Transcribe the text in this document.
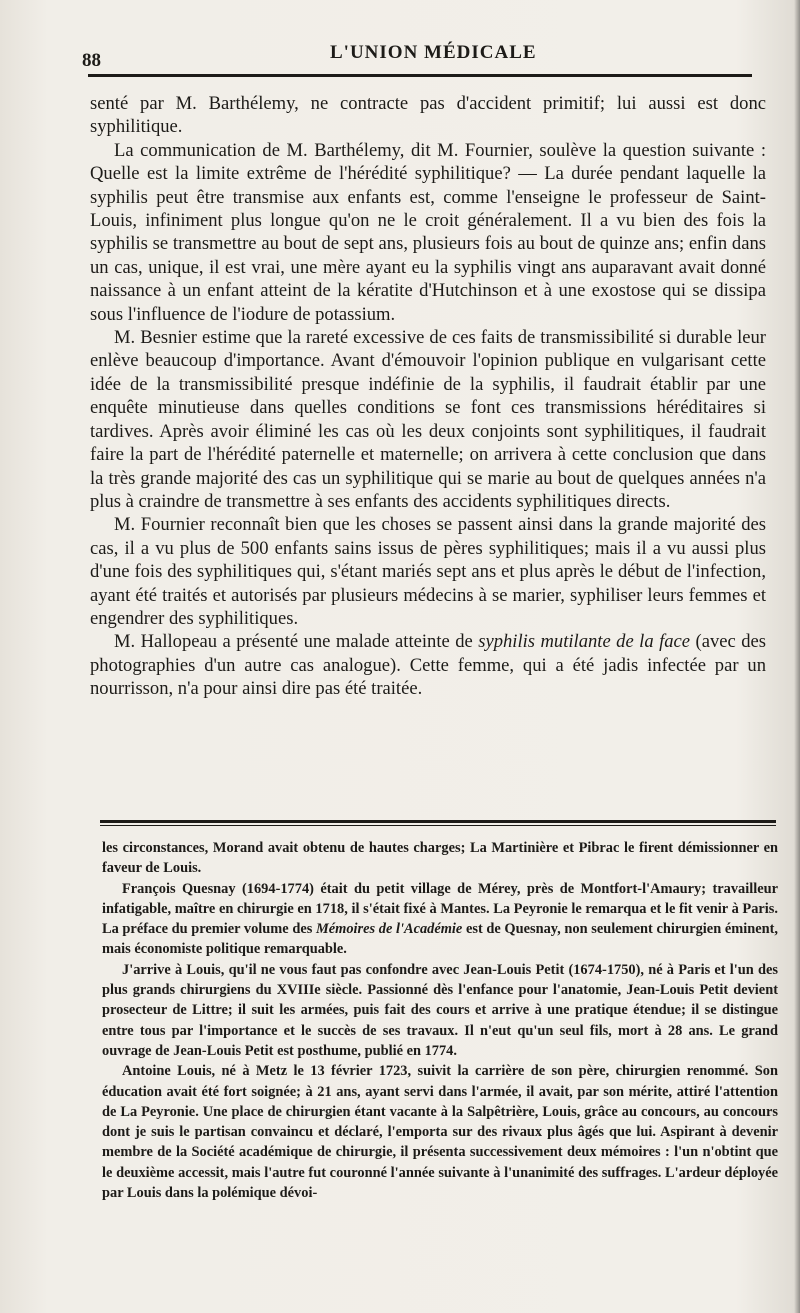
88	L'UNION MÉDICALE

senté par M. Barthélemy, ne contracte pas d'accident primitif; lui aussi est donc syphilitique.

La communication de M. Barthélemy, dit M. Fournier, soulève la question suivante : Quelle est la limite extrême de l'hérédité syphilitique? — La durée pendant laquelle la syphilis peut être transmise aux enfants est, comme l'enseigne le professeur de Saint-Louis, infiniment plus longue qu'on ne le croit généralement. Il a vu bien des fois la syphilis se transmettre au bout de sept ans, plusieurs fois au bout de quinze ans; enfin dans un cas, unique, il est vrai, une mère ayant eu la syphilis vingt ans auparavant avait donné naissance à un enfant atteint de la kératite d'Hutchinson et à une exostose qui se dissipa sous l'influence de l'iodure de potassium.

M. Besnier estime que la rareté excessive de ces faits de transmissibilité si durable leur enlève beaucoup d'importance. Avant d'émouvoir l'opinion publique en vulgarisant cette idée de la transmissibilité presque indéfinie de la syphilis, il faudrait établir par une enquête minutieuse dans quelles conditions se font ces transmissions héréditaires si tardives. Après avoir éliminé les cas où les deux conjoints sont syphilitiques, il faudrait faire la part de l'hérédité paternelle et maternelle; on arrivera à cette conclusion que dans la très grande majorité des cas un syphilitique qui se marie au bout de quelques années n'a plus à craindre de transmettre à ses enfants des accidents syphilitiques directs.

M. Fournier reconnaît bien que les choses se passent ainsi dans la grande majorité des cas, il a vu plus de 500 enfants sains issus de pères syphilitiques; mais il a vu aussi plus d'une fois des syphilitiques qui, s'étant mariés sept ans et plus après le début de l'infection, ayant été traités et autorisés par plusieurs médecins à se marier, syphiliser leurs femmes et engendrer des syphilitiques.

M. Hallopeau a présenté une malade atteinte de syphilis mutilante de la face (avec des photographies d'un autre cas analogue). Cette femme, qui a été jadis infectée par un nourrisson, n'a pour ainsi dire pas été traitée.

les circonstances, Morand avait obtenu de hautes charges; La Martinière et Pibrac le firent démissionner en faveur de Louis.

François Quesnay (1694-1774) était du petit village de Mérey, près de Montfort-l'Amaury; travailleur infatigable, maître en chirurgie en 1718, il s'était fixé à Mantes. La Peyronie le remarqua et le fit venir à Paris. La préface du premier volume des Mémoires de l'Académie est de Quesnay, non seulement chirurgien éminent, mais économiste politique remarquable.

J'arrive à Louis, qu'il ne vous faut pas confondre avec Jean-Louis Petit (1674-1750), né à Paris et l'un des plus grands chirurgiens du XVIIIe siècle. Passionné dès l'enfance pour l'anatomie, Jean-Louis Petit devient prosecteur de Littre; il suit les armées, puis fait des cours et arrive à une pratique étendue; il se distingue entre tous par l'importance et le succès de ses travaux. Il n'eut qu'un seul fils, mort à 28 ans. Le grand ouvrage de Jean-Louis Petit est posthume, publié en 1774.

Antoine Louis, né à Metz le 13 février 1723, suivit la carrière de son père, chirurgien renommé. Son éducation avait été fort soignée; à 21 ans, ayant servi dans l'armée, il avait, par son mérite, attiré l'attention de La Peyronie. Une place de chirurgien étant vacante à la Salpêtrière, Louis, grâce au concours, au concours dont je suis le partisan convaincu et déclaré, l'emporta sur des rivaux plus âgés que lui. Aspirant à devenir membre de la Société académique de chirurgie, il présenta successivement deux mémoires : l'un n'obtint que le deuxième accessit, mais l'autre fut couronné l'année suivante à l'unanimité des suffrages. L'ardeur déployée par Louis dans la polémique dévoi-
